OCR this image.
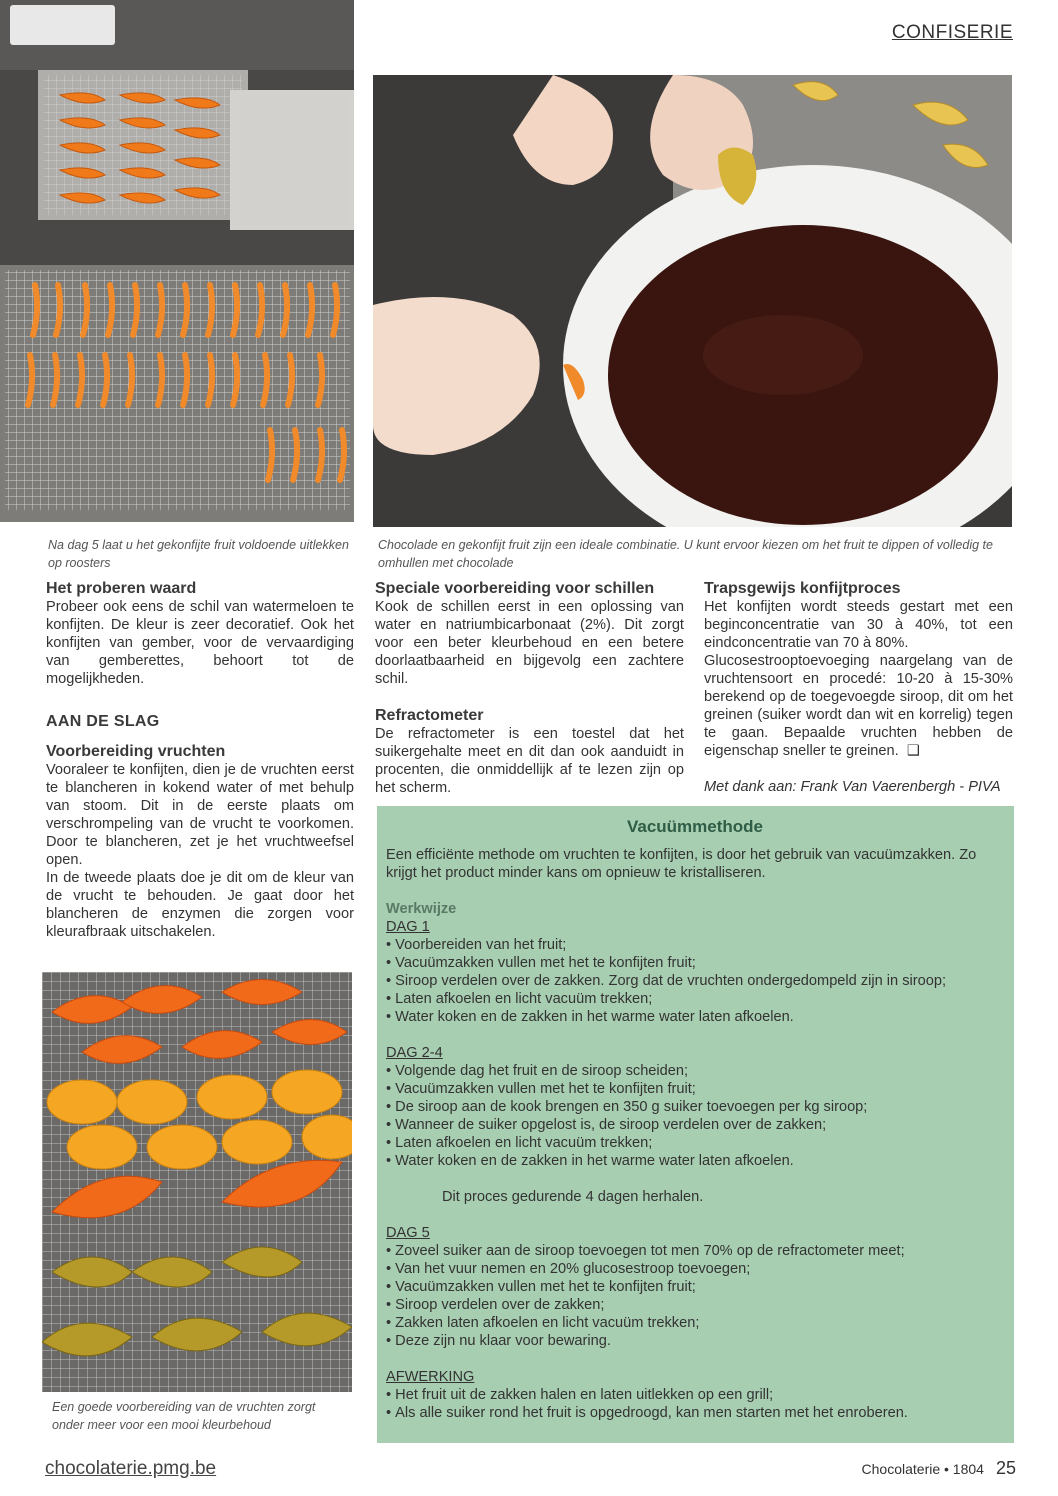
CONFISERIE
Na dag 5 laat u het gekonfijte fruit voldoende uitlekken op roosters
Chocolade en gekonfijt fruit zijn een ideale combinatie. U kunt ervoor kiezen om het fruit te dippen of volledig te omhullen met chocolade
Het proberen waard

Probeer ook eens de schil van watermeloen te konfijten. De kleur is zeer decoratief. Ook het konfijten van gember, voor de vervaardiging van gemberettes, behoort tot de mogelijkheden.

AAN DE SLAG
Voorbereiding vruchten

Vooraleer te konfijten, dien je de vruchten eerst te blancheren in kokend water of met behulp van stoom. Dit in de eerste plaats om verschrompeling van de vrucht te voorkomen. Door te blancheren, zet je het vruchtweefsel open.

In de tweede plaats doe je dit om de kleur van de vrucht te behouden. Je gaat door het blancheren de enzymen die zorgen voor kleurafbraak uitschakelen.

Een goede voorbereiding van de vruchten zorgt onder meer voor een mooi kleurbehoud
Speciale voorbereiding voor schillen

Kook de schillen eerst in een oplossing van water en natriumbicarbonaat (2%). Dit zorgt voor een beter kleurbehoud en een betere doorlaatbaarheid en bijgevolg een zachtere schil.

Refractometer

De refractometer is een toestel dat het suikergehalte meet en dit dan ook aanduidt in procenten, die onmiddellijk af te lezen zijn op het scherm.

Trapsgewijs konfijtproces

Het konfijten wordt steeds gestart met een beginconcentratie van 30 à 40%, tot een eindconcentratie van 70 à 80%.

Glucosestrooptoevoeging naargelang van de vruchtensoort en procedé: 10-20 à 15-30% berekend op de toegevoegde siroop, dit om het greinen (suiker wordt dan wit en korrelig) tegen te gaan. Bepaalde vruchten hebben de eigenschap sneller te greinen. ❑

Met dank aan: Frank Van Vaerenbergh - PIVA

Vacuümmethode

Een efficiënte methode om vruchten te konfijten, is door het gebruik van vacuümzakken. Zo krijgt het product minder kans om opnieuw te kristalliseren.

Werkwijze
DAG 1
• Voorbereiden van het fruit;
• Vacuümzakken vullen met het te konfijten fruit;
• Siroop verdelen over de zakken. Zorg dat de vruchten ondergedompeld zijn in siroop;
• Laten afkoelen en licht vacuüm trekken;
• Water koken en de zakken in het warme water laten afkoelen.
DAG 2-4
• Volgende dag het fruit en de siroop scheiden;
• Vacuümzakken vullen met het te konfijten fruit;
• De siroop aan de kook brengen en 350 g suiker toevoegen per kg siroop;
• Wanneer de suiker opgelost is, de siroop verdelen over de zakken;
• Laten afkoelen en licht vacuüm trekken;
• Water koken en de zakken in het warme water laten afkoelen.
Dit proces gedurende 4 dagen herhalen.
DAG 5
• Zoveel suiker aan de siroop toevoegen tot men 70% op de refractometer meet;
• Van het vuur nemen en 20% glucosestroop toevoegen;
• Vacuümzakken vullen met het te konfijten fruit;
• Siroop verdelen over de zakken;
• Zakken laten afkoelen en licht vacuüm trekken;
• Deze zijn nu klaar voor bewaring.
AFWERKING
• Het fruit uit de zakken halen en laten uitlekken op een grill;
• Als alle suiker rond het fruit is opgedroogd, kan men starten met het enroberen.
chocolaterie.pmg.be	Chocolaterie • 1804 25
